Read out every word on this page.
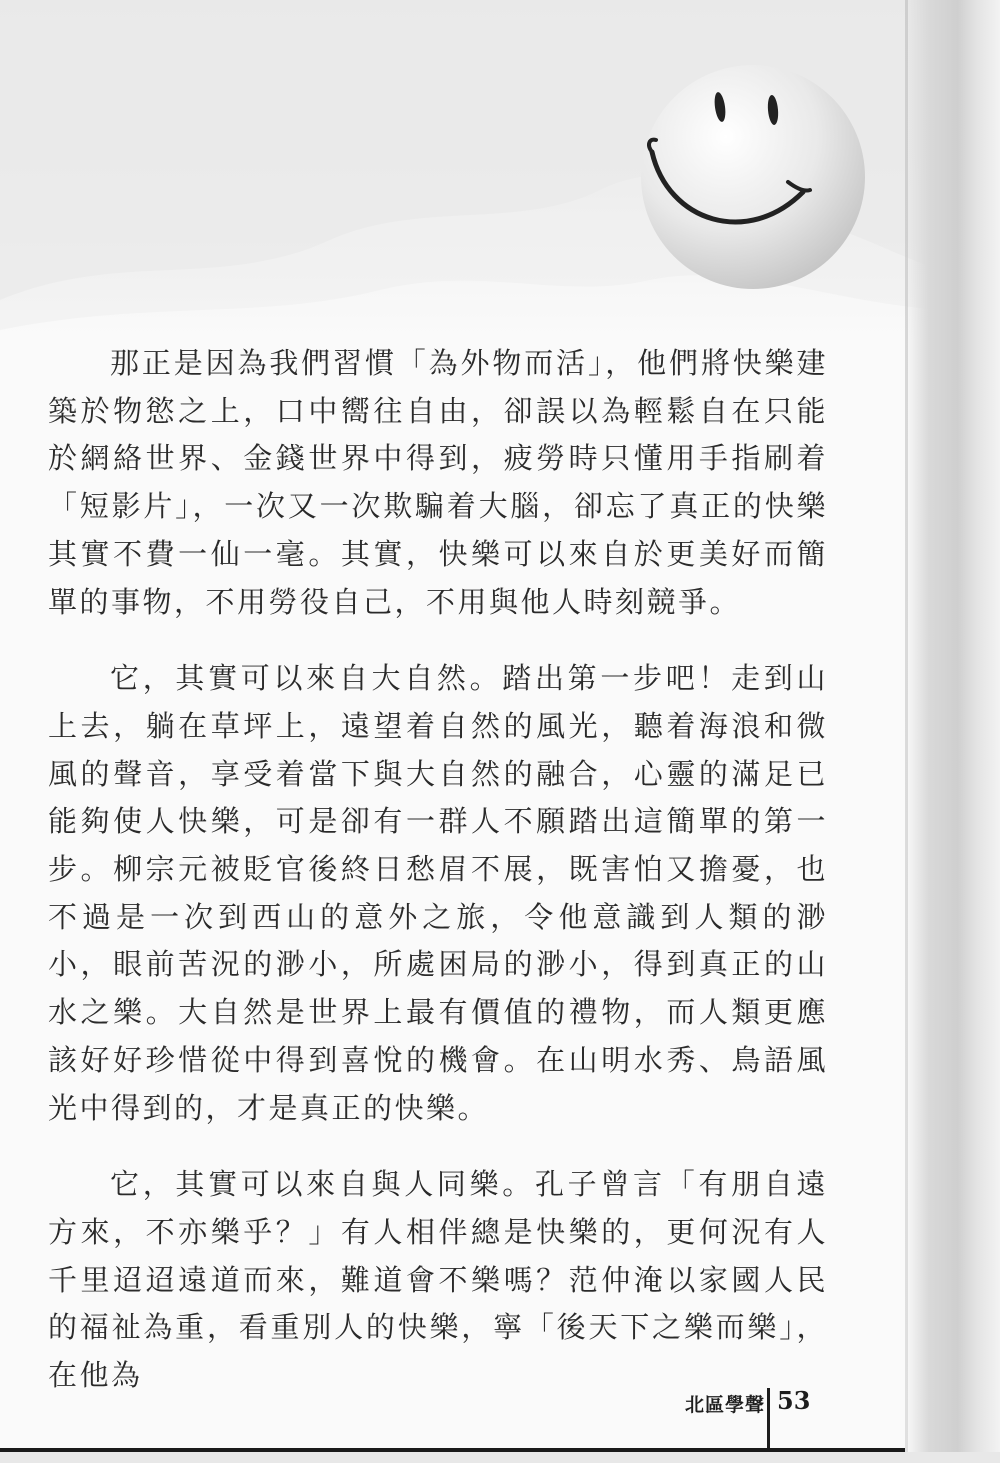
那正是因為我們習慣「為外物而活」，他們將快樂建築於物慾之上，口中嚮往自由，卻誤以為輕鬆自在只能於網絡世界、金錢世界中得到，疲勞時只懂用手指刷着「短影片」，一次又一次欺騙着大腦，卻忘了真正的快樂其實不費一仙一毫。其實，快樂可以來自於更美好而簡單的事物，不用勞役自己，不用與他人時刻競爭。

它，其實可以來自大自然。踏出第一步吧！走到山上去，躺在草坪上，遠望着自然的風光，聽着海浪和微風的聲音，享受着當下與大自然的融合，心靈的滿足已能夠使人快樂，可是卻有一群人不願踏出這簡單的第一步。柳宗元被貶官後終日愁眉不展，既害怕又擔憂，也不過是一次到西山的意外之旅，令他意識到人類的渺小，眼前苦況的渺小，所處困局的渺小，得到真正的山水之樂。大自然是世界上最有價值的禮物，而人類更應該好好珍惜從中得到喜悅的機會。在山明水秀、鳥語風光中得到的，才是真正的快樂。

它，其實可以來自與人同樂。孔子曾言「有朋自遠方來，不亦樂乎？」有人相伴總是快樂的，更何況有人千里迢迢遠道而來，難道會不樂嗎？范仲淹以家國人民的福祉為重，看重別人的快樂，寧「後天下之樂而樂」，在他為

北區學聲 53
